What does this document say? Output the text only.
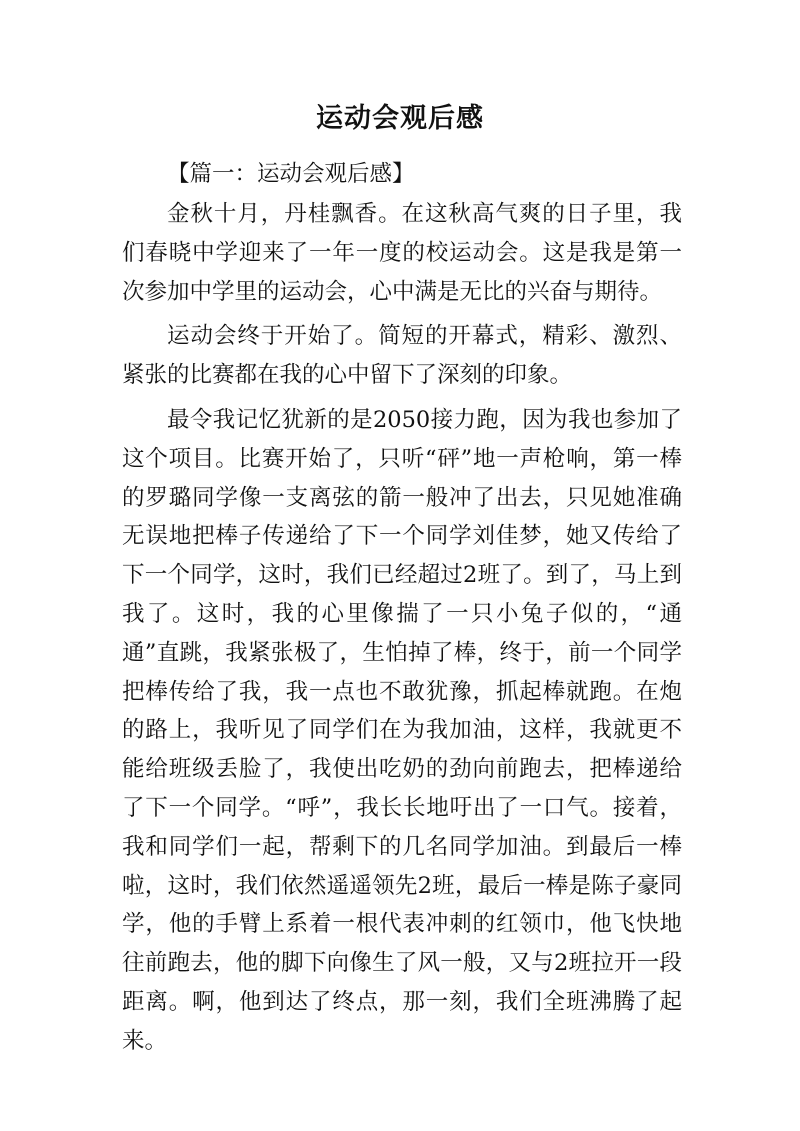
运动会观后感

【篇一：运动会观后感】

金秋十月，丹桂飘香。在这秋高气爽的日子里，我们春晓中学迎来了一年一度的校运动会。这是我是第一次参加中学里的运动会，心中满是无比的兴奋与期待。

运动会终于开始了。简短的开幕式，精彩、激烈、紧张的比赛都在我的心中留下了深刻的印象。

最令我记忆犹新的是2050接力跑，因为我也参加了这个项目。比赛开始了，只听“砰”地一声枪响，第一棒的罗璐同学像一支离弦的箭一般冲了出去，只见她准确无误地把棒子传递给了下一个同学刘佳梦，她又传给了下一个同学，这时，我们已经超过2班了。到了，马上到我了。这时，我的心里像揣了一只小兔子似的，“通通”直跳，我紧张极了，生怕掉了棒，终于，前一个同学把棒传给了我，我一点也不敢犹豫，抓起棒就跑。在炮的路上，我听见了同学们在为我加油，这样，我就更不能给班级丢脸了，我使出吃奶的劲向前跑去，把棒递给了下一个同学。“呼”，我长长地吁出了一口气。接着，我和同学们一起，帮剩下的几名同学加油。到最后一棒啦，这时，我们依然遥遥领先2班，最后一棒是陈子豪同学，他的手臂上系着一根代表冲刺的红领巾，他飞快地往前跑去，他的脚下向像生了风一般，又与2班拉开一段距离。啊，他到达了终点，那一刻，我们全班沸腾了起来。
